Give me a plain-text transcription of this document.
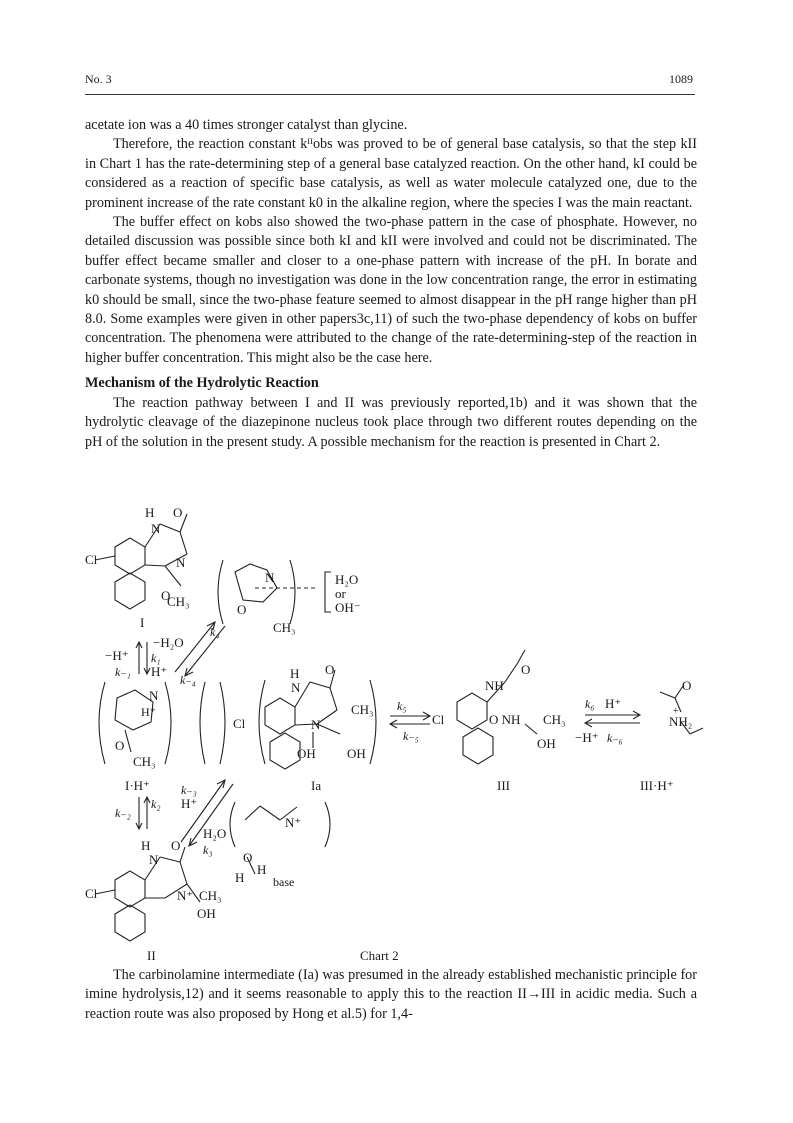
No. 3	1089

acetate ion was a 40 times stronger catalyst than glycine.

Therefore, the reaction constant kᴵᴵobs was proved to be of general base catalysis, so that the step kII in Chart 1 has the rate-determining step of a general base catalyzed reaction. On the other hand, kI could be considered as a reaction of specific base catalysis, as well as water molecule catalyzed one, due to the prominent increase of the rate constant k0 in the alkaline region, where the species I was the main reactant.

The buffer effect on kobs also showed the two-phase pattern in the case of phosphate. However, no detailed discussion was possible since both kI and kII were involved and could not be discriminated. The buffer effect became smaller and closer to a one-phase pattern with increase of the pH. In borate and carbonate systems, though no investigation was done in the low concentration range, the error in estimating k0 should be small, since the two-phase feature seemed to almost disappear in the pH range higher than pH 8.0. Some examples were given in other papers3c,11) of such the two-phase dependency of kobs on buffer concentration. The phenomena were attributed to the change of the rate-determining-step of the reaction in higher buffer concentration. This might also be the case here.

Mechanism of the Hydrolytic Reaction

The reaction pathway between I and II was previously reported,1b) and it was shown that the hydrolytic cleavage of the diazepinone nucleus took place through two different routes depending on the pH of the solution in the present study. A possible mechanism for the reaction is presented in Chart 2.

H O
N
Cl	N
O
CH₃
I
N
O
CH₃
H₂O
or
OH⁻
−H⁺
k₋₁
k₁
H⁺
−H₂O
k₄
k₋₄
N
H⁺
O
CH₃
I·H⁺
H O
N
Cl	N
CH₃
OH OH
Ia
k₅
k₋₅
Cl
NH
O
O NH CH₃
OH
III
k₆ H⁺
−H⁺ k₋₆
O
+
NH₂
III·H⁺
k₋₂
k₂
k₋₃
H⁺
H₂O
k₃
N⁺
O
H
H
base
H O
N
Cl	N⁺ CH₃
OH
II	Chart 2

The carbinolamine intermediate (Ia) was presumed in the already established mechanistic principle for imine hydrolysis,12) and it seems reasonable to apply this to the reaction II→III in acidic media. Such a reaction route was also proposed by Hong et al.5) for 1,4-
